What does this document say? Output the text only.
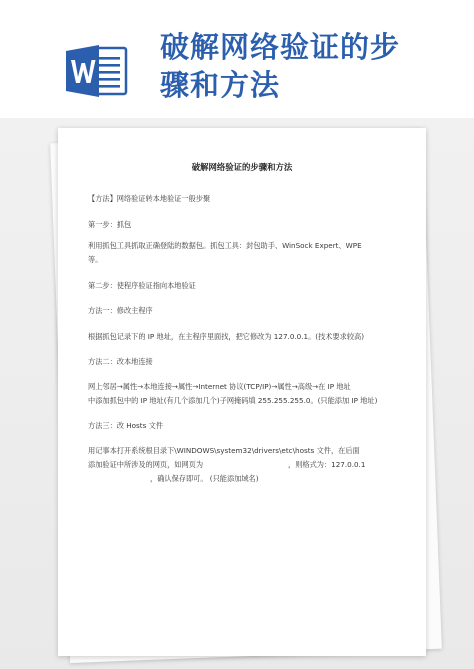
破解网络验证的步
骤和方法
破解网络验证的步骤和方法
【方法】网络验证转本地验证一般步聚
第一步：抓包
利用抓包工具抓取正确登陆的数据包。抓包工具：封包助手、WinSock Expert、WPE
等。
第二步：使程序验证指向本地验证
方法一：修改主程序
根据抓包记录下的 IP 地址，在主程序里面找，把它修改为 127.0.0.1。(技术要求较高)
方法二：改本地连接
网上邻居→属性→本地连接→属性→Internet 协议(TCP/IP)→属性→高级→在 IP 地址
中添加抓包中的 IP 地址(有几个添加几个)子网掩码填 255.255.255.0。(只能添加 IP 地址)
方法三：改 Hosts 文件
用记事本打开系统根目录下\WINDOWS\system32\drivers\etc\hosts 文件，在后面
添加验证中所涉及的网页，如网页为	，则格式为：127.0.0.1
，确认保存即可。 (只能添加域名)
